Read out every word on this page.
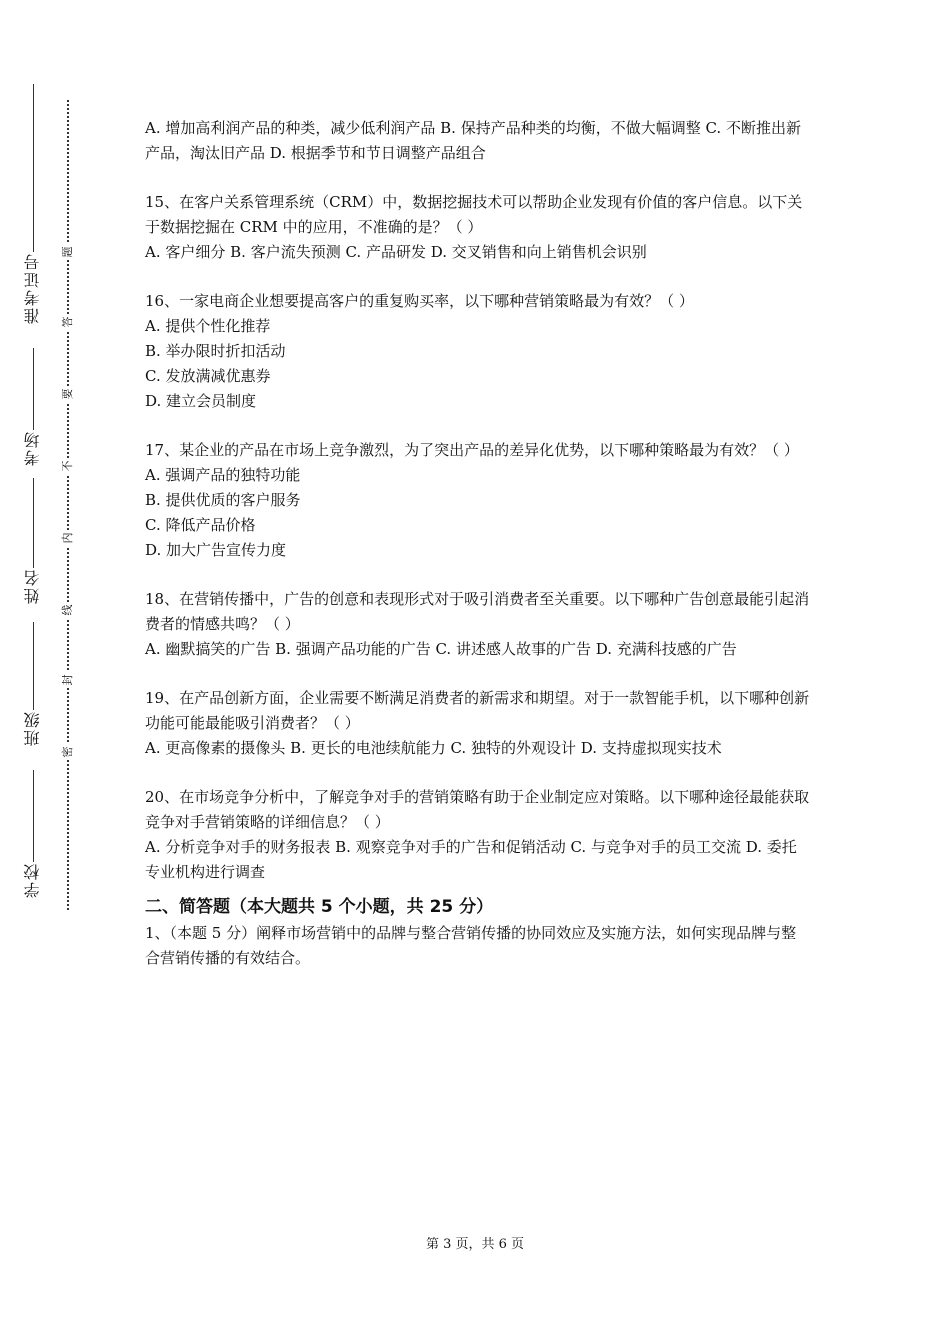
准考证号
考场
姓名
班级
学校
题
答
要
不
内
线
封
密

A. 增加高利润产品的种类，减少低利润产品 B. 保持产品种类的均衡，不做大幅调整 C. 不断推出新产品，淘汰旧产品 D. 根据季节和节日调整产品组合

15、在客户关系管理系统（CRM）中，数据挖掘技术可以帮助企业发现有价值的客户信息。以下关于数据挖掘在 CRM 中的应用，不准确的是？（ ）

A. 客户细分 B. 客户流失预测 C. 产品研发 D. 交叉销售和向上销售机会识别

16、一家电商企业想要提高客户的重复购买率，以下哪种营销策略最为有效？（ ）

A. 提供个性化推荐

B. 举办限时折扣活动

C. 发放满减优惠券

D. 建立会员制度

17、某企业的产品在市场上竞争激烈，为了突出产品的差异化优势，以下哪种策略最为有效？（ ）

A. 强调产品的独特功能

B. 提供优质的客户服务

C. 降低产品价格

D. 加大广告宣传力度

18、在营销传播中，广告的创意和表现形式对于吸引消费者至关重要。以下哪种广告创意最能引起消费者的情感共鸣？（ ）

A. 幽默搞笑的广告 B. 强调产品功能的广告 C. 讲述感人故事的广告 D. 充满科技感的广告

19、在产品创新方面，企业需要不断满足消费者的新需求和期望。对于一款智能手机，以下哪种创新功能可能最能吸引消费者？（ ）

A. 更高像素的摄像头 B. 更长的电池续航能力 C. 独特的外观设计 D. 支持虚拟现实技术

20、在市场竞争分析中，了解竞争对手的营销策略有助于企业制定应对策略。以下哪种途径最能获取竞争对手营销策略的详细信息？（ ）

A. 分析竞争对手的财务报表 B. 观察竞争对手的广告和促销活动 C. 与竞争对手的员工交流 D. 委托专业机构进行调查

二、简答题（本大题共 5 个小题，共 25 分）

1、（本题 5 分）阐释市场营销中的品牌与整合营销传播的协同效应及实施方法，如何实现品牌与整合营销传播的有效结合。

第 3 页，共 6 页
